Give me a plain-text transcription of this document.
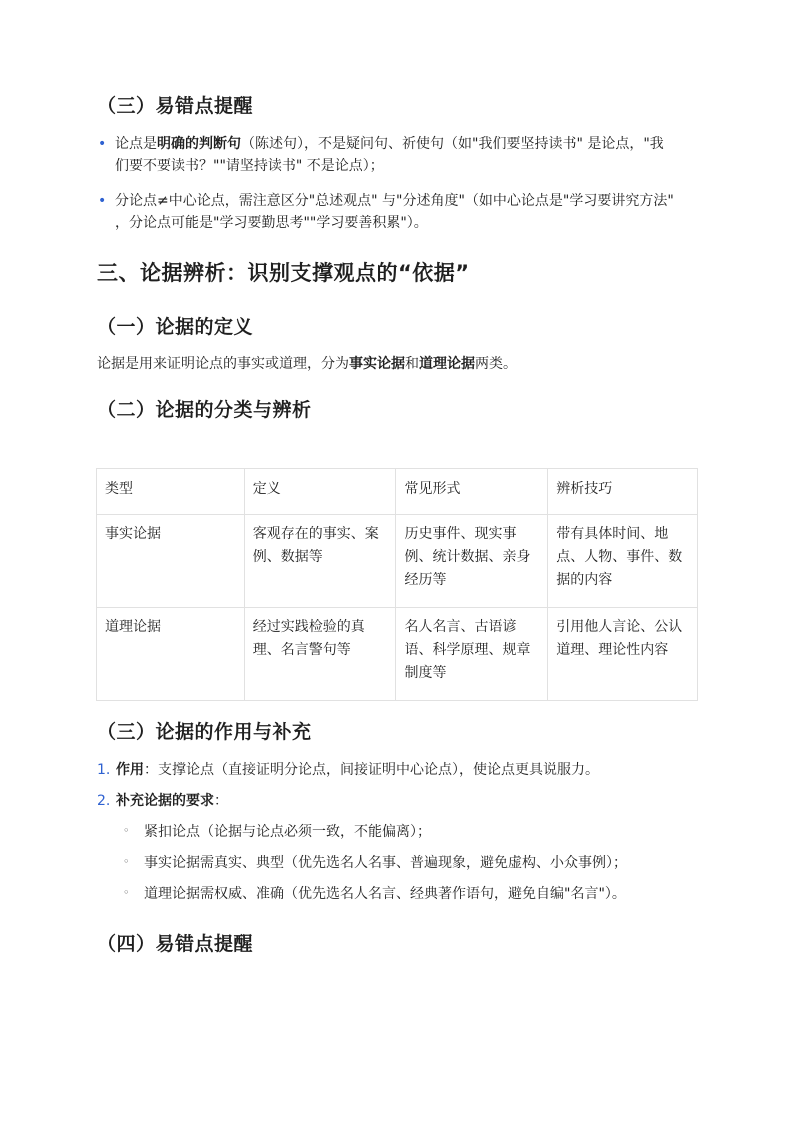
（三）易错点提醒
• 论点是明确的判断句（陈述句），不是疑问句、祈使句（如"我们要坚持读书" 是论点，"我
们要不要读书？""请坚持读书" 不是论点）；
• 分论点≠中心论点，需注意区分"总述观点" 与"分述角度"（如中心论点是"学习要讲究方法"
，分论点可能是"学习要勤思考""学习要善积累"）。
三、论据辨析：识别支撑观点的“依据”
（一）论据的定义
论据是用来证明论点的事实或道理，分为事实论据和道理论据两类。
（二）论据的分类与辨析
类型	定义	常见形式	辨析技巧
事实论据	客观存在的事实、案例、数据等	历史事件、现实事例、统计数据、亲身经历等	带有具体时间、地点、人物、事件、数据的内容
道理论据	经过实践检验的真理、名言警句等	名人名言、古语谚语、科学原理、规章制度等	引用他人言论、公认道理、理论性内容
（三）论据的作用与补充
1. 作用：支撑论点（直接证明分论点，间接证明中心论点），使论点更具说服力。
2. 补充论据的要求：
◦ 紧扣论点（论据与论点必须一致，不能偏离）；
◦ 事实论据需真实、典型（优先选名人名事、普遍现象，避免虚构、小众事例）；
◦ 道理论据需权威、准确（优先选名人名言、经典著作语句，避免自编"名言"）。
（四）易错点提醒
